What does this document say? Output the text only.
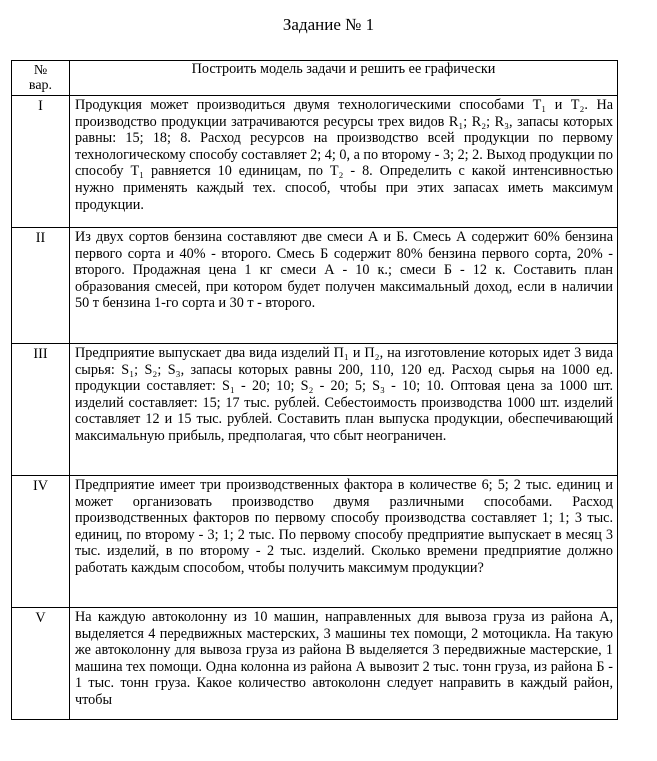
Задание № 1
№
вар.	Построить модель задачи и решить ее графически
I	Продукция может производиться двумя технологическими способами T₁ и T₂. На производство продукции затрачиваются ресурсы трех видов R₁; R₂; R₃, запасы которых равны: 15; 18; 8. Расход ресурсов на производство всей продукции по первому технологическому способу составляет 2; 4; 0, а по второму - 3; 2; 2. Выход продукции по способу T₁ равняется 10 единицам, по T₂ - 8. Определить с какой интенсивностью нужно применять каждый тех. способ, чтобы при этих запасах иметь максимум продукции.
II	Из двух сортов бензина составляют две смеси А и Б. Смесь А содержит 60% бензина первого сорта и 40% - второго. Смесь Б содержит 80% бензина первого сорта, 20% - второго. Продажная цена 1 кг смеси А - 10 к.; смеси Б - 12 к. Составить план образования смесей, при котором будет получен максимальный доход, если в наличии 50 т бензина 1-го сорта и 30 т - второго.
III	Предприятие выпускает два вида изделий П₁ и П₂, на изготовление которых идет 3 вида сырья: S₁; S₂; S₃, запасы которых равны 200, 110, 120 ед. Расход сырья на 1000 ед. продукции составляет: S₁ - 20; 10; S₂ - 20; 5; S₃ - 10; 10. Оптовая цена за 1000 шт. изделий составляет: 15; 17 тыс. рублей. Себестоимость производства 1000 шт. изделий составляет 12 и 15 тыс. рублей. Составить план выпуска продукции, обеспечивающий максимальную прибыль, предполагая, что сбыт неограничен.
IV	Предприятие имеет три производственных фактора в количестве 6; 5; 2 тыс. единиц и может организовать производство двумя различными способами. Расход производственных факторов по первому способу производства составляет 1; 1; 3 тыс. единиц, по второму - 3; 1; 2 тыс. По первому способу предприятие выпускает в месяц 3 тыс. изделий, в по второму - 2 тыс. изделий. Сколько времени предприятие должно работать каждым способом, чтобы получить максимум продукции?
V	На каждую автоколонну из 10 машин, направленных для вывоза груза из района А, выделяется 4 передвижных мастерских, 3 машины тех помощи, 2 мотоцикла. На такую же автоколонну для вывоза груза из района В выделяется 3 передвижные мастерские, 1 машина тех помощи. Одна колонна из района А вывозит 2 тыс. тонн груза, из района Б - 1 тыс. тонн груза. Какое количество автоколонн следует направить в каждый район, чтобы
